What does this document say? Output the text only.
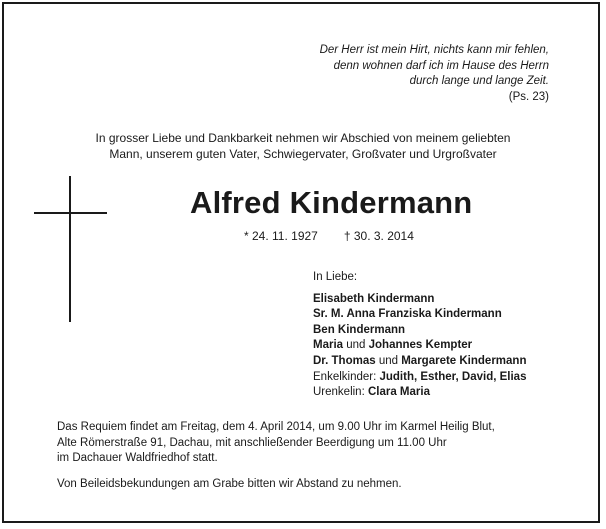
Der Herr ist mein Hirt, nichts kann mir fehlen,
denn wohnen darf ich im Hause des Herrn
durch lange und lange Zeit.
(Ps. 23)
In grosser Liebe und Dankbarkeit nehmen wir Abschied von meinem geliebten
Mann, unserem guten Vater, Schwiegervater, Großvater und Urgroßvater
Alfred Kindermann
* 24. 11. 1927 † 30. 3. 2014
In Liebe:
Elisabeth Kindermann
Sr. M. Anna Franziska Kindermann
Ben Kindermann
Maria und Johannes Kempter
Dr. Thomas und Margarete Kindermann
Enkelkinder: Judith, Esther, David, Elias
Urenkelin: Clara Maria

Das Requiem findet am Freitag, dem 4. April 2014, um 9.00 Uhr im Karmel Heilig Blut,

Alte Römerstraße 91, Dachau, mit anschließender Beerdigung um 11.00 Uhr

im Dachauer Waldfriedhof statt.

Von Beileidsbekundungen am Grabe bitten wir Abstand zu nehmen.
